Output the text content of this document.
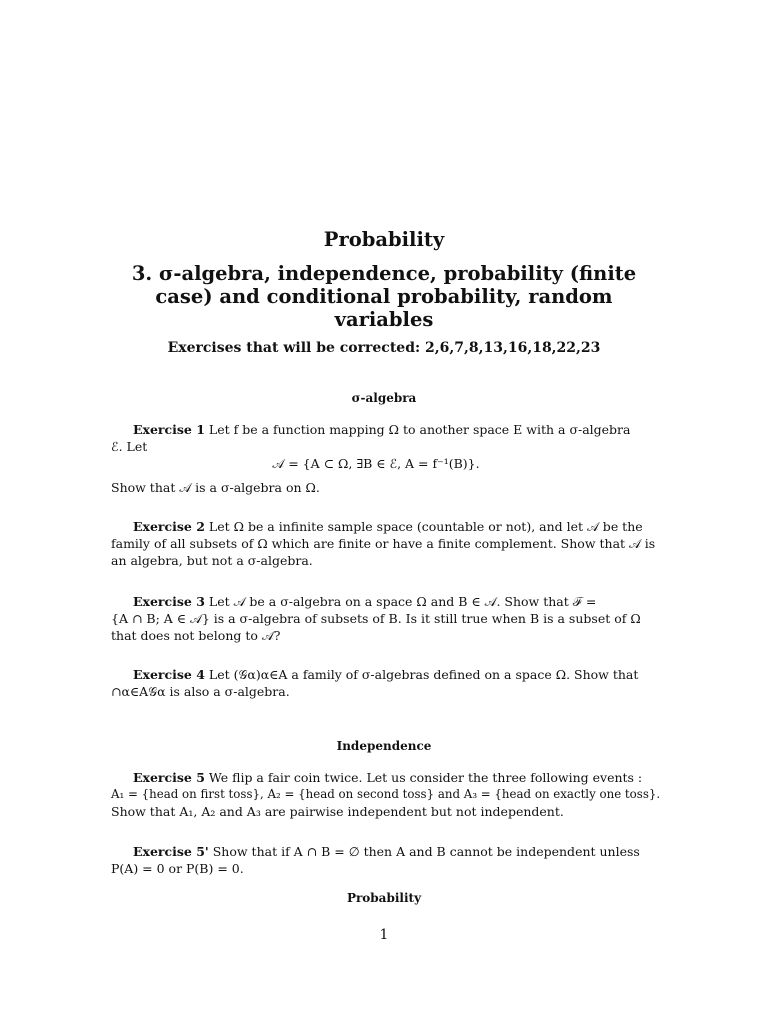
Probability
3. σ-algebra, independence, probability (finite
case) and conditional probability, random
variables
Exercises that will be corrected: 2,6,7,8,13,16,18,22,23
σ-algebra
Exercise 1 Let f be a function mapping Ω to another space E with a σ-algebra
ℰ. Let
𝒜 = {A ⊂ Ω, ∃B ∈ ℰ, A = f⁻¹(B)}.
Show that 𝒜 is a σ-algebra on Ω.
Exercise 2 Let Ω be a infinite sample space (countable or not), and let 𝒜 be the
family of all subsets of Ω which are finite or have a finite complement. Show that 𝒜 is
an algebra, but not a σ-algebra.
Exercise 3 Let 𝒜 be a σ-algebra on a space Ω and B ∈ 𝒜. Show that ℱ =
{A ∩ B; A ∈ 𝒜} is a σ-algebra of subsets of B. Is it still true when B is a subset of Ω
that does not belong to 𝒜?
Exercise 4 Let (𝒢α)α∈A a family of σ-algebras defined on a space Ω. Show that
∩α∈A𝒢α is also a σ-algebra.
Independence
Exercise 5 We flip a fair coin twice. Let us consider the three following events :
A₁ = {head on first toss}, A₂ = {head on second toss} and A₃ = {head on exactly one toss}.
Show that A₁, A₂ and A₃ are pairwise independent but not independent.
Exercise 5' Show that if A ∩ B = ∅ then A and B cannot be independent unless
P(A) = 0 or P(B) = 0.
Probability
1
